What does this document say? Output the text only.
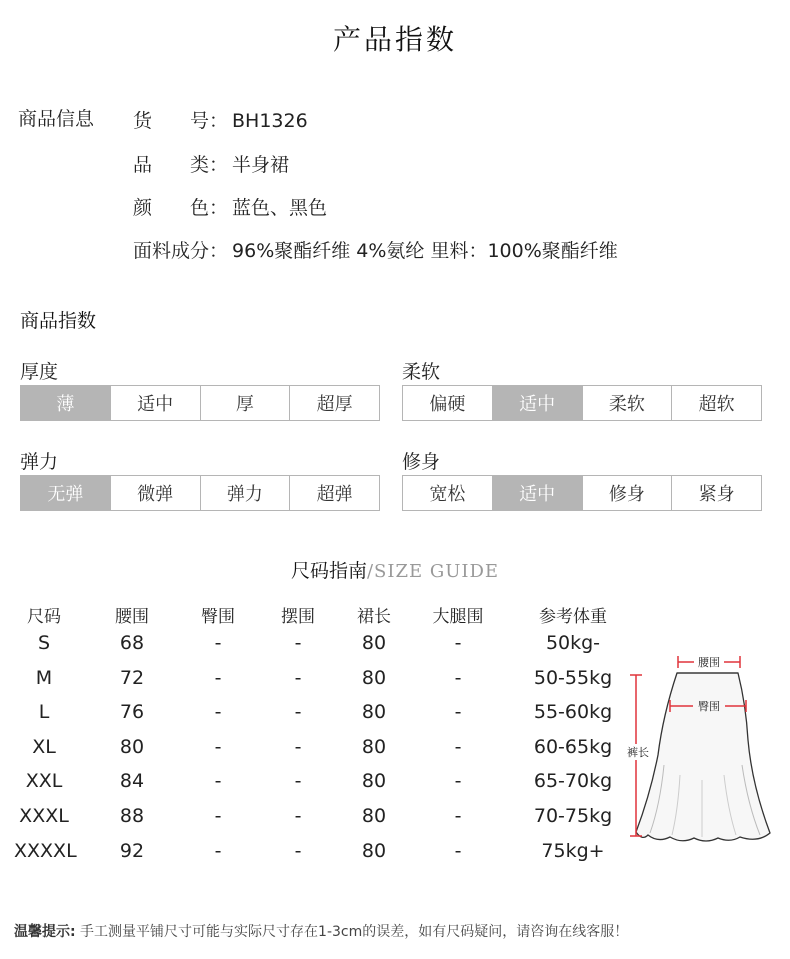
产品指数
商品信息 货　　号： BH1326
品　　类： 半身裙
颜　　色： 蓝色、黑色
面料成分： 96%聚酯纤维 4%氨纶 里料：100%聚酯纤维
商品指数
厚度
薄	适中	厚	超厚
柔软
偏硬	适中	柔软	超软
弹力
无弹	微弹	弹力	超弹
修身
宽松	适中	修身	紧身
尺码指南/SIZE GUIDE
尺码	腰围	臀围	摆围	裙长	大腿围	参考体重
S	68	-	-	80	-	50kg-
M	72	-	-	80	-	50-55kg
L	76	-	-	80	-	55-60kg
XL	80	-	-	80	-	60-65kg
XXL	84	-	-	80	-	65-70kg
XXXL	88	-	-	80	-	70-75kg
XXXXL	92	-	-	80	-	75kg+
腰围
臀围
裤长
温馨提示: 手工测量平铺尺寸可能与实际尺寸存在1-3cm的误差，如有尺码疑问，请咨询在线客服！
